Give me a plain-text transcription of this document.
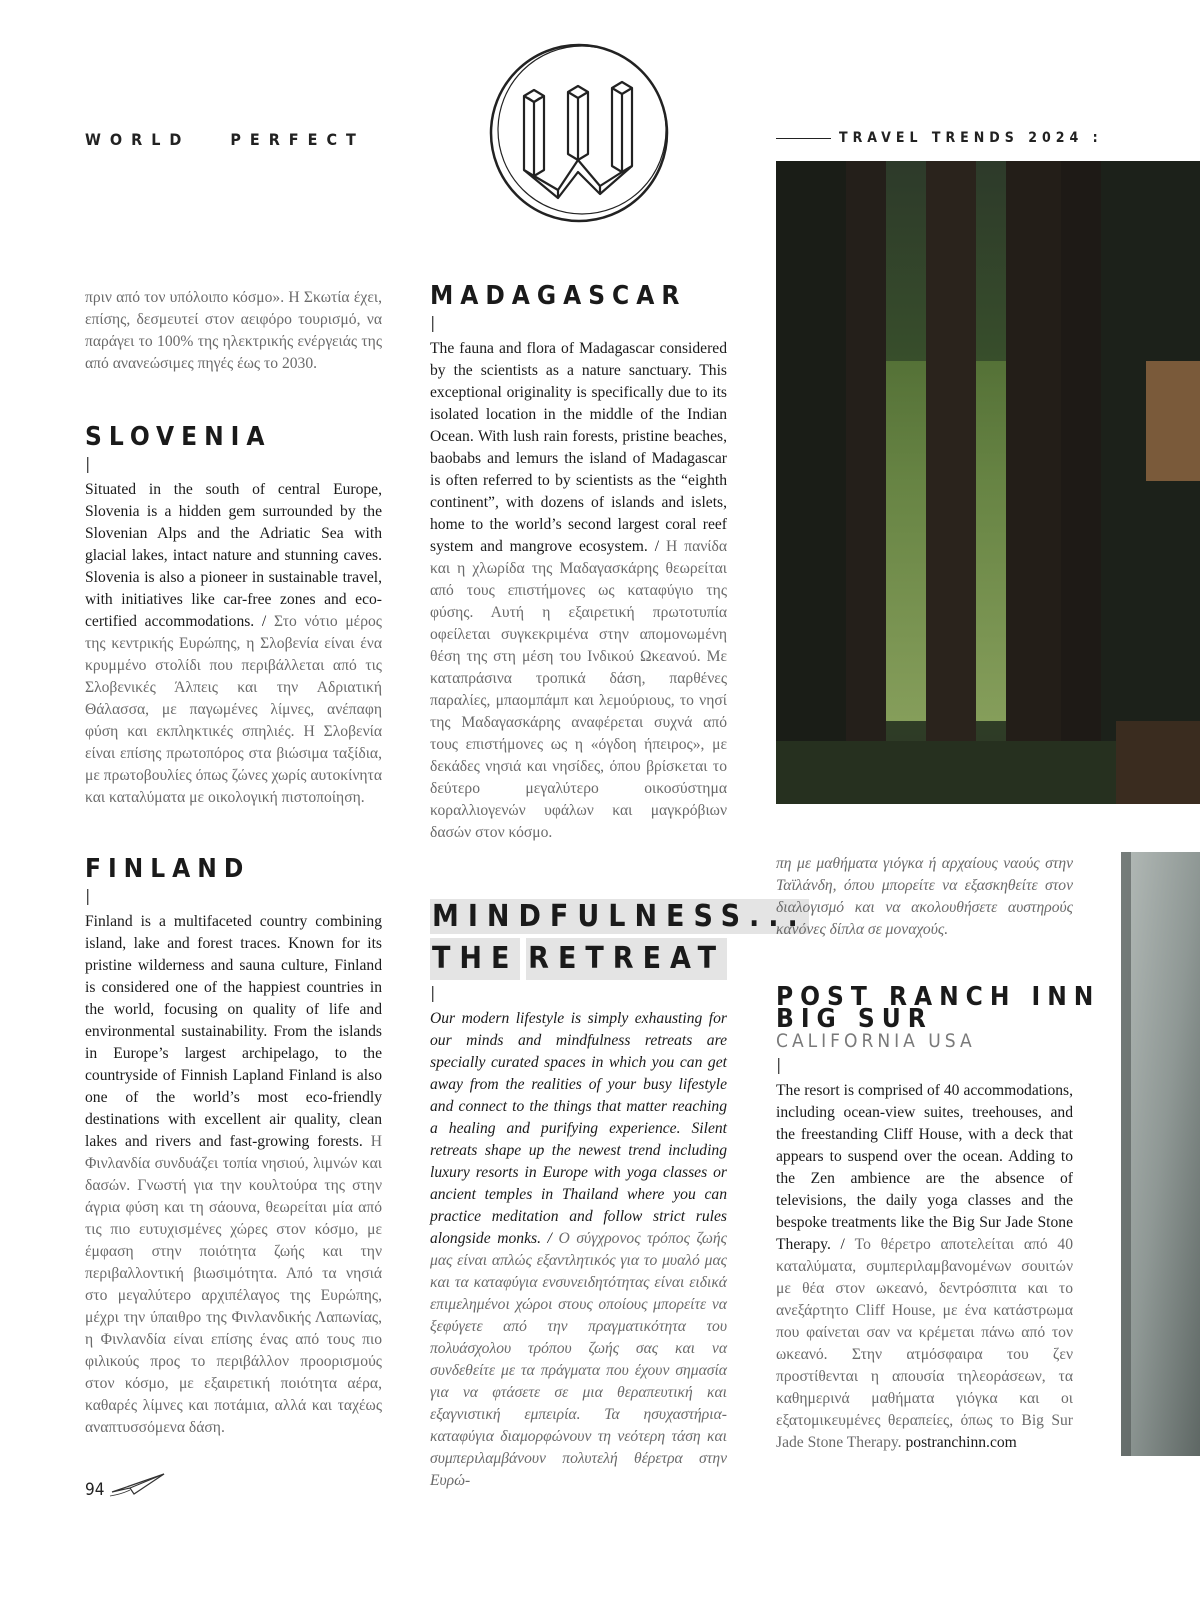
WORLD	PERFECT	TRAVEL TRENDS 2024 :

πριν από τον υπόλοιπο κόσμο». Η Σκωτία έχει, επίσης, δεσμευτεί στον αειφόρο τουρισμό, να παράγει το 100% της ηλεκτρικής ενέργειάς της από ανανεώσιμες πηγές έως το 2030.

SLOVENIA
|

Situated in the south of central Europe, Slovenia is a hidden gem surrounded by the Slovenian Alps and the Adriatic Sea with glacial lakes, intact nature and stunning caves. Slovenia is also a pioneer in sustainable travel, with initiatives like car-free zones and eco-certified accommodations. / Στο νότιο μέρος της κεντρικής Ευρώπης, η Σλοβενία είναι ένα κρυμμένο στολίδι που περιβάλλεται από τις Σλοβενικές Άλπεις και την Αδριατική Θάλασσα, με παγωμένες λίμνες, ανέπαφη φύση και εκπληκτικές σπηλιές. Η Σλοβενία είναι επίσης πρωτοπόρος στα βιώσιμα ταξίδια, με πρωτοβουλίες όπως ζώνες χωρίς αυτοκίνητα και καταλύματα με οικολογική πιστοποίηση.

FINLAND
|

Finland is a multifaceted country combining island, lake and forest traces. Known for its pristine wilderness and sauna culture, Finland is considered one of the happiest countries in the world, focusing on quality of life and environmental sustainability. From the islands in Europe’s largest archipelago, to the countryside of Finnish Lapland Finland is also one of the world’s most eco-friendly destinations with excellent air quality, clean lakes and rivers and fast-growing forests. Η Φινλανδία συνδυάζει τοπία νησιού, λιμνών και δασών. Γνωστή για την κουλτούρα της στην άγρια φύση και τη σάουνα, θεωρείται μία από τις πιο ευτυχισμένες χώρες στον κόσμο, με έμφαση στην ποιότητα ζωής και την περιβαλλοντική βιωσιμότητα. Από τα νησιά στο μεγαλύτερο αρχιπέλαγος της Ευρώπης, μέχρι την ύπαιθρο της Φινλανδικής Λαπωνίας, η Φινλανδία είναι επίσης ένας από τους πιο φιλικούς προς το περιβάλλον προορισμούς στον κόσμο, με εξαιρετική ποιότητα αέρα, καθαρές λίμνες και ποτάμια, αλλά και ταχέως αναπτυσσόμενα δάση.

MADAGASCAR
|

The fauna and flora of Madagascar considered by the scientists as a nature sanctuary. This exceptional originality is specifically due to its isolated location in the middle of the Indian Ocean. With lush rain forests, pristine beaches, baobabs and lemurs the island of Madagascar is often referred to by scientists as the “eighth continent”, with dozens of islands and islets, home to the world’s second largest coral reef system and mangrove ecosystem. / Η πανίδα και η χλωρίδα της Μαδαγασκάρης θεωρείται από τους επιστήμονες ως καταφύγιο της φύσης. Αυτή η εξαιρετική πρωτοτυπία οφείλεται συγκεκριμένα στην απομονωμένη θέση της στη μέση του Ινδικού Ωκεανού. Με καταπράσινα τροπικά δάση, παρθένες παραλίες, μπαομπάμπ και λεμούριους, το νησί της Μαδαγασκάρης αναφέρεται συχνά από τους επιστήμονες ως η «όγδοη ήπειρος», με δεκάδες νησιά και νησίδες, όπου βρίσκεται το δεύτερο μεγαλύτερο οικοσύστημα κοραλλιογενών υφάλων και μαγκρόβιων δασών στον κόσμο.

MINDFULNESS...
THE RETREAT
|

Our modern lifestyle is simply exhausting for our minds and mindfulness retreats are specially curated spaces in which you can get away from the realities of your busy lifestyle and connect to the things that matter reaching a healing and purifying experience. Silent retreats shape up the newest trend including luxury resorts in Europe with yoga classes or ancient temples in Thailand where you can practice meditation and follow strict rules alongside monks. / Ο σύγχρονος τρόπος ζωής μας είναι απλώς εξαντλητικός για το μυαλό μας και τα καταφύγια ενσυνειδητότητας είναι ειδικά επιμελημένοι χώροι στους οποίους μπορείτε να ξεφύγετε από την πραγματικότητα του πολυάσχολου τρόπου ζωής σας και να συνδεθείτε με τα πράγματα που έχουν σημασία για να φτάσετε σε μια θεραπευτική και εξαγνιστική εμπειρία. Τα ησυχαστήρια-καταφύγια διαμορφώνουν τη νεότερη τάση και συμπεριλαμβάνουν πολυτελή θέρετρα στην Ευρώ-

πη με μαθήματα γιόγκα ή αρχαίους ναούς στην Ταϊλάνδη, όπου μπορείτε να εξασκηθείτε στον διαλογισμό και να ακολουθήσετε αυστηρούς κανόνες δίπλα σε μοναχούς.

POST RANCH INN
BIG SUR

CALIFORNIA USA

|

The resort is comprised of 40 accommodations, including ocean-view suites, treehouses, and the freestanding Cliff House, with a deck that appears to suspend over the ocean. Adding to the Zen ambience are the absence of televisions, the daily yoga classes and the bespoke treatments like the Big Sur Jade Stone Therapy. / Το θέρετρο αποτελείται από 40 καταλύματα, συμπεριλαμβανομένων σουιτών με θέα στον ωκεανό, δεντρόσπιτα και το ανεξάρτητο Cliff House, με ένα κατάστρωμα που φαίνεται σαν να κρέμεται πάνω από τον ωκεανό. Στην ατμόσφαιρα του ζεν προστίθενται η απουσία τηλεοράσεων, τα καθημερινά μαθήματα γιόγκα και οι εξατομικευμένες θεραπείες, όπως το Big Sur Jade Stone Therapy. postranchinn.com

94
